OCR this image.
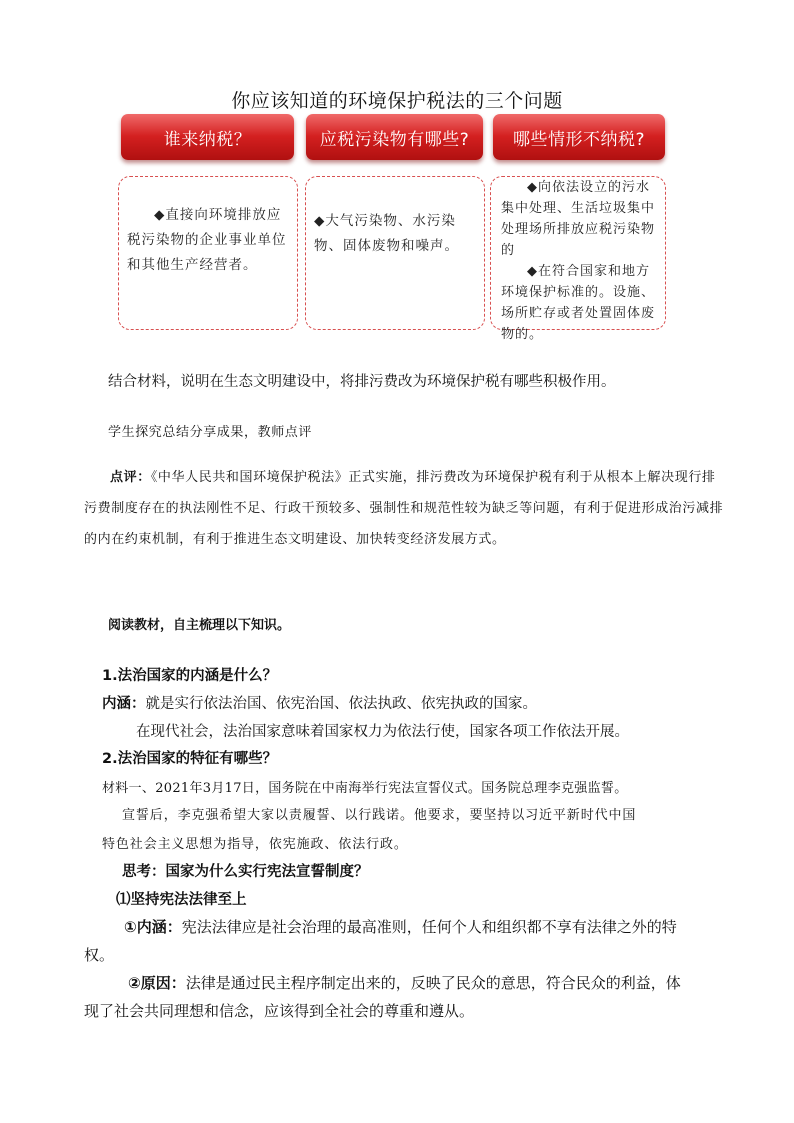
你应该知道的环境保护税法的三个问题
谁来纳税？	应税污染物有哪些?	哪些情形不纳税?

◆直接向环境排放应税污染物的企业事业单位和其他生产经营者。

◆大气污染物、水污染物、固体废物和噪声。

◆向依法设立的污水集中处理、生活垃圾集中处理场所排放应税污染物的

◆在符合国家和地方环境保护标准的。设施、场所贮存或者处置固体废物的。

结合材料，说明在生态文明建设中，将排污费改为环境保护税有哪些积极作用。
学生探究总结分享成果，教师点评
点评：《中华人民共和国环境保护税法》正式实施，排污费改为环境保护税有利于从根本上解决现行排污费制度存在的执法刚性不足、行政干预较多、强制性和规范性较为缺乏等问题，有利于促进形成治污减排的内在约束机制，有利于推进生态文明建设、加快转变经济发展方式。
阅读教材，自主梳理以下知识。
1.法治国家的内涵是什么？
内涵：就是实行依法治国、依宪治国、依法执政、依宪执政的国家。
在现代社会，法治国家意味着国家权力为依法行使，国家各项工作依法开展。
2.法治国家的特征有哪些？
材料一、2021年3月17日，国务院在中南海举行宪法宣誓仪式。国务院总理李克强监誓。
宣誓后，李克强希望大家以责履誓、以行践诺。他要求，要坚持以习近平新时代中国
特色社会主义思想为指导，依宪施政、依法行政。
思考：国家为什么实行宪法宣誓制度？
⑴坚持宪法法律至上
①内涵：宪法法律应是社会治理的最高准则，任何个人和组织都不享有法律之外的特
权。
②原因：法律是通过民主程序制定出来的，反映了民众的意思，符合民众的利益，体
现了社会共同理想和信念，应该得到全社会的尊重和遵从。
